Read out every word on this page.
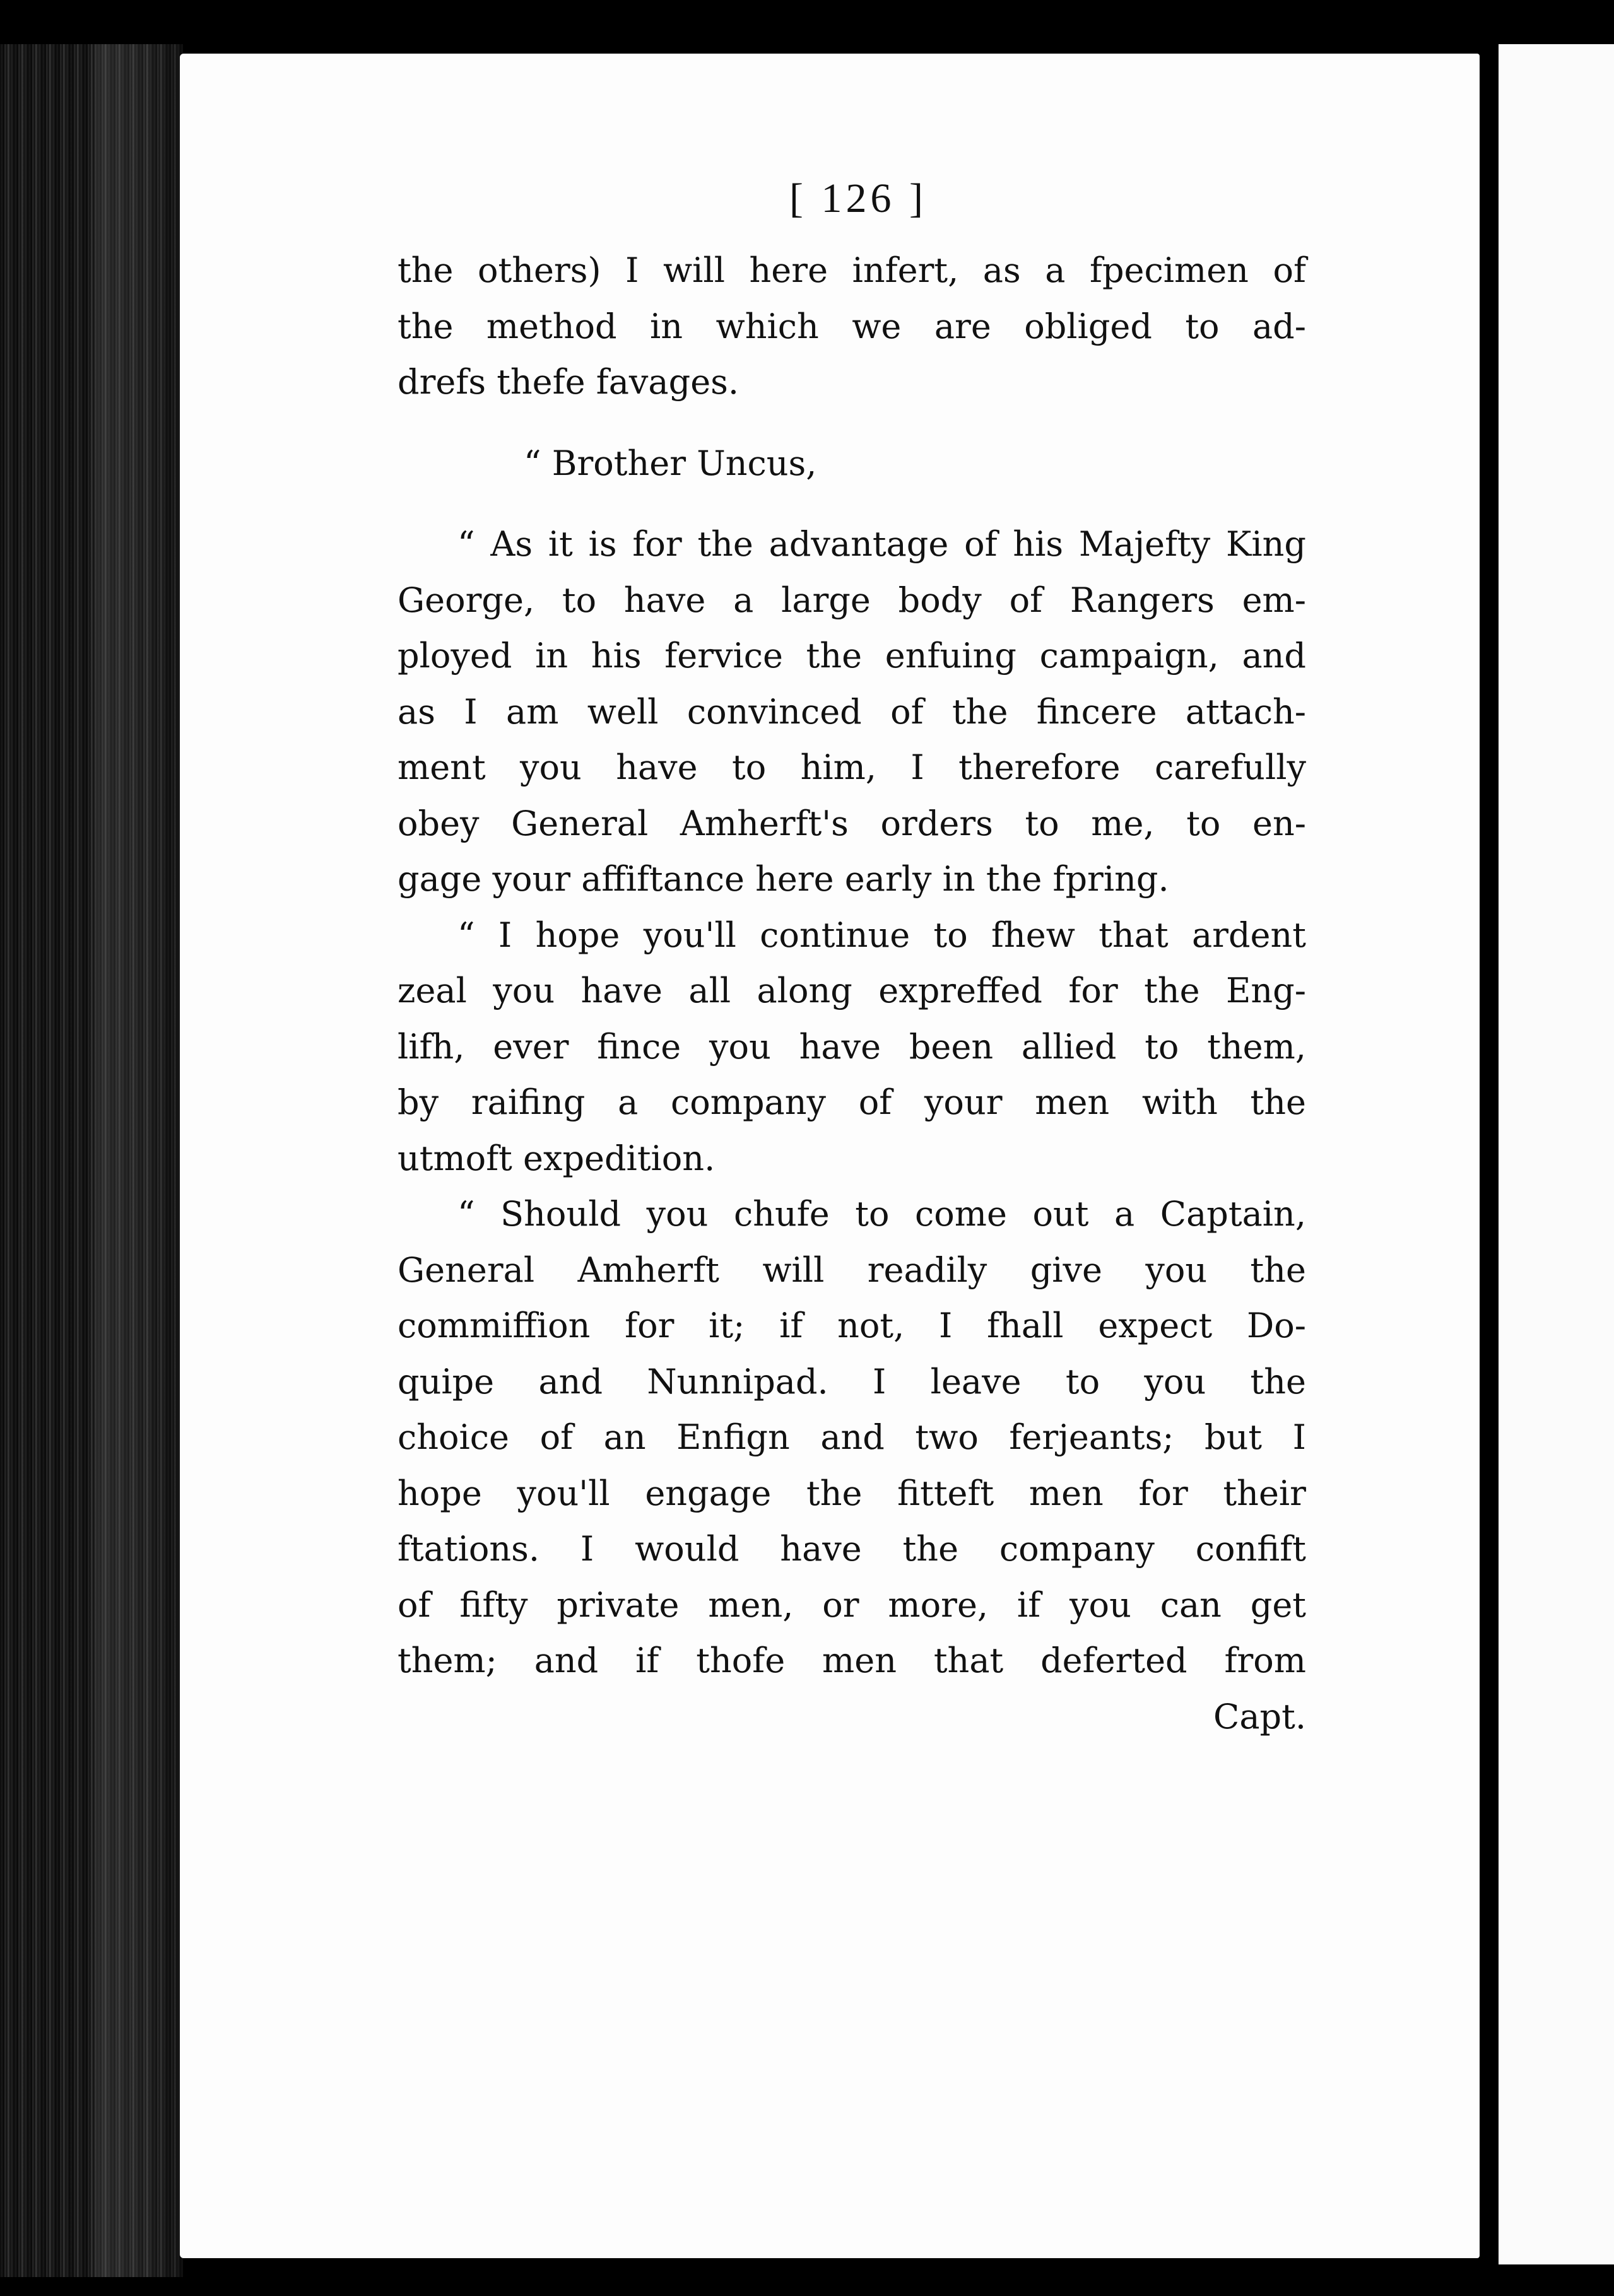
[ 126 ]
the others) I will here infert, as a fpecimen of
the method in which we are obliged to ad-
drefs thefe favages.
“ Brother Uncus,
“ As it is for the advantage of his Majefty King
George, to have a large body of Rangers em-
ployed in his fervice the enfuing campaign, and
as I am well convinced of the fincere attach-
ment you have to him, I therefore carefully
obey General Amherft's orders to me, to en-
gage your affiftance here early in the fpring.
“ I hope you'll continue to fhew that ardent
zeal you have all along expreffed for the Eng-
lifh, ever fince you have been allied to them,
by raifing a company of your men with the
utmoft expedition.
“ Should you chufe to come out a Captain,
General Amherft will readily give you the
commiffion for it; if not, I fhall expect Do-
quipe and Nunnipad. I leave to you the
choice of an Enfign and two ferjeants; but I
hope you'll engage the fitteft men for their
ftations. I would have the company confift
of fifty private men, or more, if you can get
them; and if thofe men that deferted from
Capt.
